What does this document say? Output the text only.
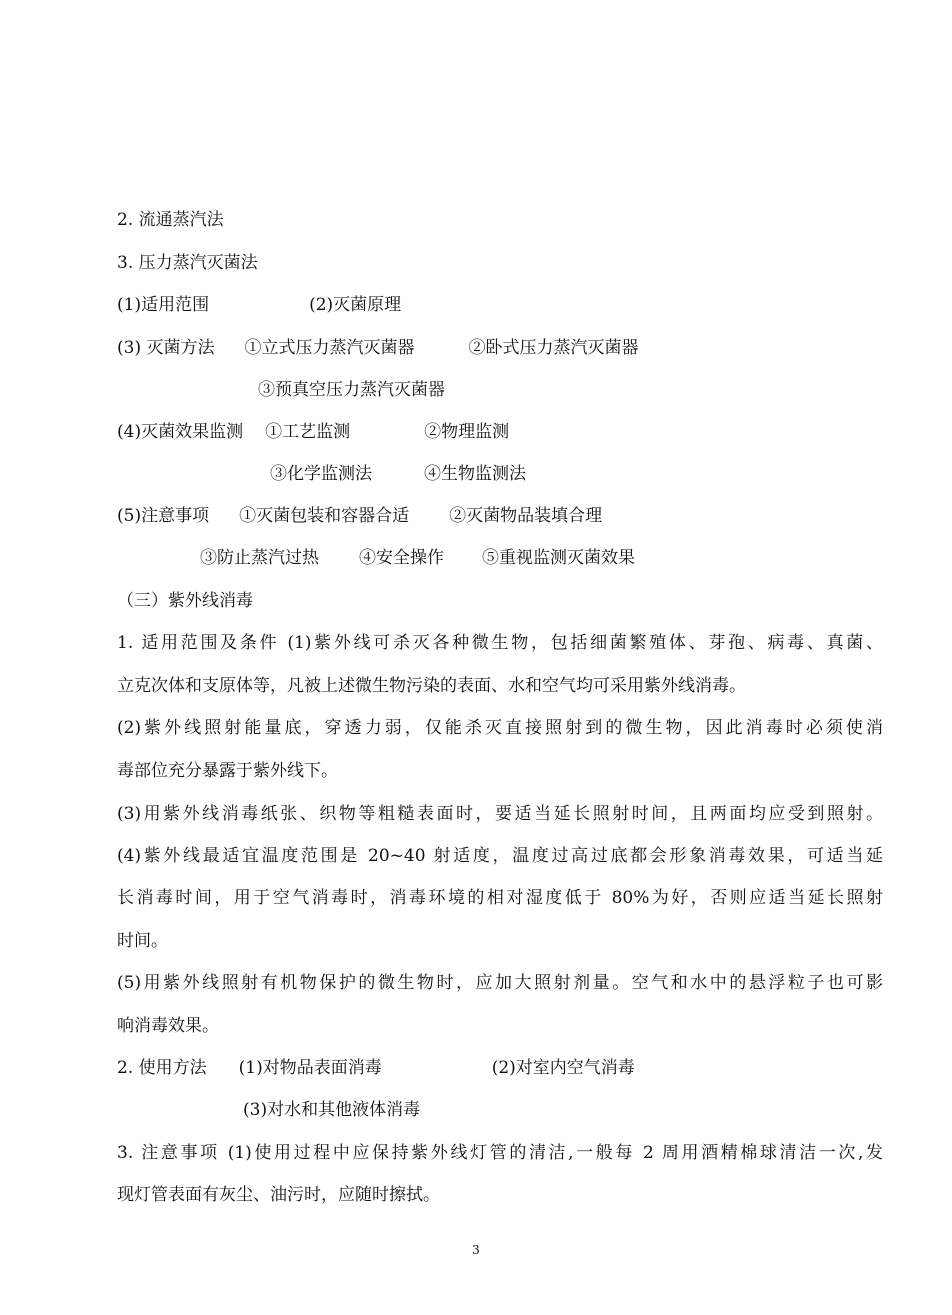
2. 流通蒸汽法
3. 压力蒸汽灭菌法
(1)适用范围	(2)灭菌原理
(3) 灭菌方法 ①立式压力蒸汽灭菌器	②卧式压力蒸汽灭菌器
③预真空压力蒸汽灭菌器
(4)灭菌效果监测 ①工艺监测	②物理监测
③化学监测法	④生物监测法
(5)注意事项 ①灭菌包装和容器合适 ②灭菌物品装填合理
③防止蒸汽过热 ④安全操作 ⑤重视监测灭菌效果
（三）紫外线消毒
1. 适用范围及条件 (1)紫外线可杀灭各种微生物，包括细菌繁殖体、芽孢、病毒、真菌、
立克次体和支原体等，凡被上述微生物污染的表面、水和空气均可采用紫外线消毒。
(2)紫外线照射能量底，穿透力弱，仅能杀灭直接照射到的微生物，因此消毒时必须使消
毒部位充分暴露于紫外线下。
(3)用紫外线消毒纸张、织物等粗糙表面时，要适当延长照射时间，且两面均应受到照射。
(4)紫外线最适宜温度范围是 20~40 射适度，温度过高过底都会形象消毒效果，可适当延
长消毒时间，用于空气消毒时，消毒环境的相对湿度低于 80%为好，否则应适当延长照射
时间。
(5)用紫外线照射有机物保护的微生物时，应加大照射剂量。空气和水中的悬浮粒子也可影
响消毒效果。
2. 使用方法 (1)对物品表面消毒	(2)对室内空气消毒
(3)对水和其他液体消毒
3. 注意事项 (1)使用过程中应保持紫外线灯管的清洁,一般每 2 周用酒精棉球清洁一次,发
现灯管表面有灰尘、油污时，应随时擦拭。
3
